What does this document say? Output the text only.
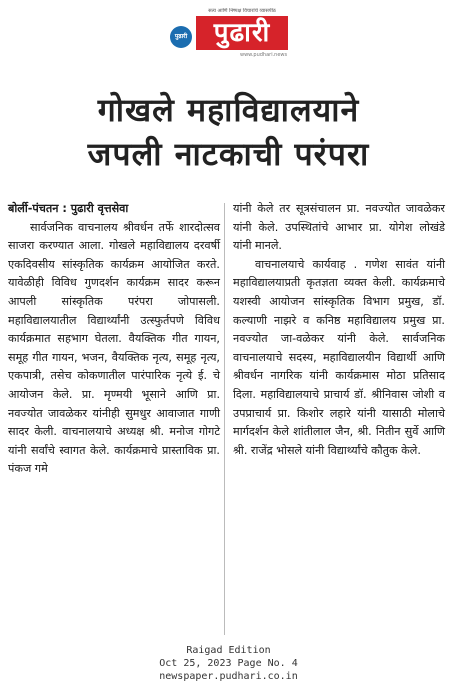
सत्य आणि निष्पक्ष विचारांचे व्यासपीठ
पुढारी	पुढारी
www.pudhari.news
गोखले महाविद्यालयाने
जपली नाटकाची परंपरा
बोर्ली-पंचतन : पुढारी वृत्तसेवा

सार्वजनिक वाचनालय श्रीवर्धन तर्फे शारदोत्सव साजरा करण्यात आला. गोखले महाविद्यालय दरवर्षी एकदिवसीय सांस्कृतिक कार्यक्रम आयोजित करते. यावेळीही विविध गुणदर्शन कार्यक्रम सादर करून आपली सांस्कृतिक परंपरा जोपासली. महाविद्यालयातील विद्यार्थ्यांनी उत्स्फुर्तपणे विविध कार्यक्रमात सहभाग घेतला. वैयक्तिक गीत गायन, समूह गीत गायन, भजन, वैयक्तिक नृत्य, समूह नृत्य, एकपात्री, तसेच कोकणातील पारंपारिक नृत्ये ई. चे आयोजन केले. प्रा. मृण्मयी भूसाने आणि प्रा. नवज्योत जावळेकर यांनीही सुमधुर आवाजात गाणी सादर केली. वाचनालयाचे अध्यक्ष श्री. मनोज गोगटे यांनी सर्वांचे स्वागत केले. कार्यक्रमाचे प्रास्ताविक प्रा. पंकज गमे

यांनी केले तर सूत्रसंचालन प्रा. नवज्योत जावळेकर यांनी केले. उपस्थितांचे आभार प्रा. योगेश लोखंडे यांनी मानले.

वाचनालयाचे कार्यवाह . गणेश सावंत यांनी महाविद्यालयाप्रती कृतज्ञता व्यक्त केली. कार्यक्रमाचे यशस्वी आयोजन सांस्कृतिक विभाग प्रमुख, डॉ. कल्याणी नाझरे व कनिष्ठ महाविद्यालय प्रमुख प्रा. नवज्योत जा-वळेकर यांनी केले. सार्वजनिक वाचनालयाचे सदस्य, महाविद्यालयीन विद्यार्थी आणि श्रीवर्धन नागरिक यांनी कार्यक्रमास मोठा प्रतिसाद दिला. महाविद्यालयाचे प्राचार्य डॉ. श्रीनिवास जोशी व उपप्राचार्य प्रा. किशोर लहारे यांनी यासाठी मोलाचे मार्गदर्शन केले शांतीलाल जैन, श्री. नितीन सुर्वे आणि श्री. राजेंद्र भोसले यांनी विद्यार्थ्यांचे कौतुक केले.

Raigad Edition
Oct 25, 2023 Page No. 4
newspaper.pudhari.co.in
